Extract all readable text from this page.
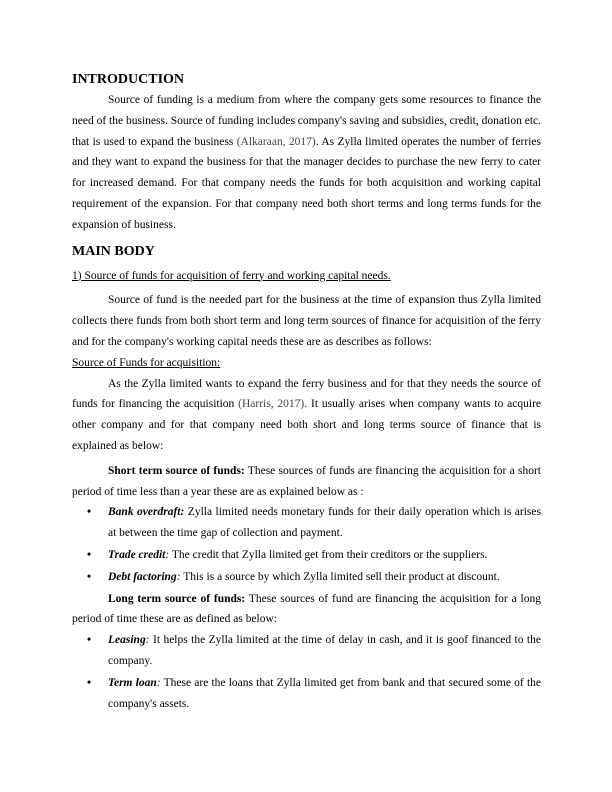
INTRODUCTION

Source of funding is a medium from where the company gets some resources to finance the need of the business. Source of funding includes company's saving and subsidies, credit, donation etc. that is used to expand the business (Alkaraan, 2017). As Zylla limited operates the number of ferries and they want to expand the business for that the manager decides to purchase the new ferry to cater for increased demand. For that company needs the funds for both acquisition and working capital requirement of the expansion. For that company need both short terms and long terms funds for the expansion of business.

MAIN BODY

1) Source of funds for acquisition of ferry and working capital needs.

Source of fund is the needed part for the business at the time of expansion thus Zylla limited collects there funds from both short term and long term sources of finance for acquisition of the ferry and for the company's working capital needs these are as describes as follows:

Source of Funds for acquisition:

As the Zylla limited wants to expand the ferry business and for that they needs the source of funds for financing the acquisition (Harris, 2017). It usually arises when company wants to acquire other company and for that company need both short and long terms source of finance that is explained as below:

Short term source of funds: These sources of funds are financing the acquisition for a short period of time less than a year these are as explained below as :

• Bank overdraft: Zylla limited needs monetary funds for their daily operation which is arises at between the time gap of collection and payment.
• Trade credit: The credit that Zylla limited get from their creditors or the suppliers.
• Debt factoring: This is a source by which Zylla limited sell their product at discount.

Long term source of funds: These sources of fund are financing the acquisition for a long period of time these are as defined as below:

• Leasing: It helps the Zylla limited at the time of delay in cash, and it is goof financed to the company.
• Term loan: These are the loans that Zylla limited get from bank and that secured some of the company's assets.
